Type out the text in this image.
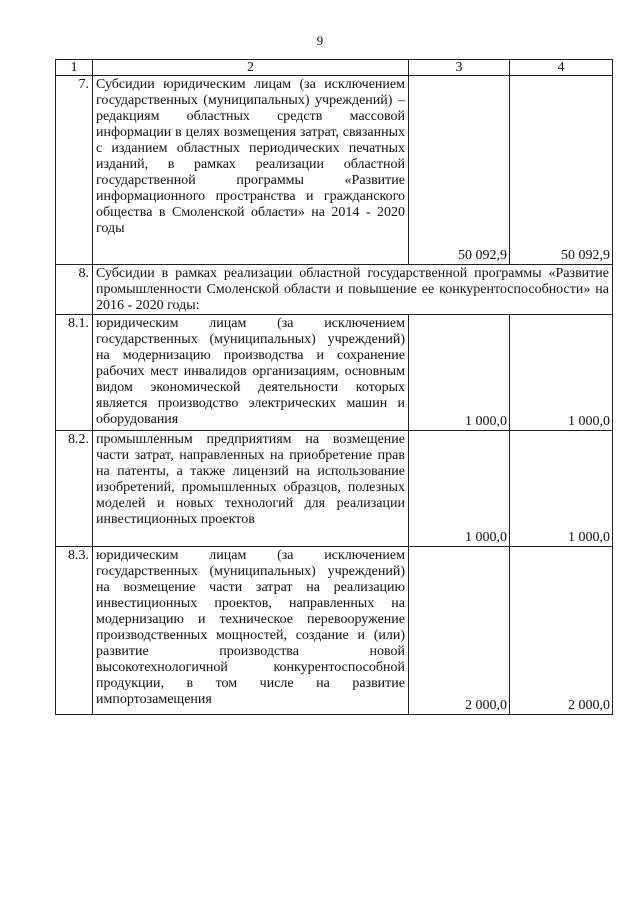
9
1	2	3	4
7.	Субсидии юридическим лицам (за исключением государственных (муниципальных) учреждений) – редакциям областных средств массовой информации в целях возмещения затрат, связанных с изданием областных периодических печатных изданий, в рамках реализации областной государственной программы «Развитие информационного пространства и гражданского общества в Смоленской области» на 2014 - 2020 годы	50 092,9	50 092,9
8.	Субсидии в рамках реализации областной государственной программы «Развитие промышленности Смоленской области и повышение ее конкурентоспособности» на 2016 - 2020 годы:		

8.1.	юридическим лицам (за исключением государственных (муниципальных) учреждений) на модернизацию производства и сохранение рабочих мест инвалидов организациям, основным видом экономической деятельности которых является производство электрических машин и оборудования	1 000,0	1 000,0
8.2.	промышленным предприятиям на возмещение части затрат, направленных на приобретение прав на патенты, а также лицензий на использование изобретений, промышленных образцов, полезных моделей и новых технологий для реализации инвестиционных проектов	1 000,0	1 000,0
8.3.	юридическим лицам (за исключением государственных (муниципальных) учреждений) на возмещение части затрат на реализацию инвестиционных проектов, направленных на модернизацию и техническое перевооружение производственных мощностей, создание и (или) развитие производства новой высокотехнологичной конкурентоспособной продукции, в том числе на развитие импортозамещения	2 000,0	2 000,0
